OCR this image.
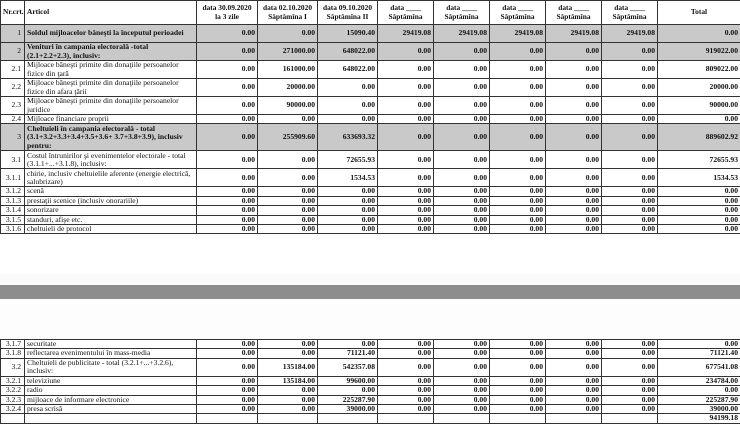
Nr.crt.	Articol	data 30.09.2020 la 3 zile	data 02.10.2020 Săptămîna I	data 09.10.2020 Săptămîna II	data ____ Săptămîna	data ____ Săptămîna	data ____ Săptămîna	data ____ Săptămîna	data ____ Săptămîna	Total
1	Soldul mijloacelor băneşti la începutul perioadei	0.00	0.00	15090.40	29419.08	29419.08	29419.08	29419.08	29419.08	0.00
2	Venituri în campania electorală -total (2.1+2.2+2.3), inclusiv:	0.00	271000.00	648022.00	0.00	0.00	0.00	0.00	0.00	919022.00
2.1	Mijloace băneşti primite din donaţiile persoanelor fizice din ţară	0.00	161000.00	648022.00	0.00	0.00	0.00	0.00	0.00	809022.00
2.2	Mijloace băneşti primite din donaţiile persoanelor fizice din afara ţării	0.00	20000.00	0.00	0.00	0.00	0.00	0.00	0.00	20000.00
2.3	Mijloace băneşti primite din donaţiile persoanelor juridice	0.00	90000.00	0.00	0.00	0.00	0.00	0.00	0.00	90000.00
2.4	Mijloace financiare proprii	0.00	0.00	0.00	0.00	0.00	0.00	0.00	0.00	0.00
3	Cheltuieli în campania electorală - total (3.1+3.2+3.3+3.4+3.5+3.6+ 3.7+3.8+3.9), inclusiv pentru:	0.00	255909.60	633693.32	0.00	0.00	0.00	0.00	0.00	889602.92
3.1	Costul întrunirilor şi evenimentelor electorale - total (3.1.1+...+3.1.8), inclusiv:	0.00	0.00	72655.93	0.00	0.00	0.00	0.00	0.00	72655.93
3.1.1	chirie, inclusiv cheltuielile aferente (energie electrică, salubrizare)	0.00	0.00	1534.53	0.00	0.00	0.00	0.00	0.00	1534.53
3.1.2	scenă	0.00	0.00	0.00	0.00	0.00	0.00	0.00	0.00	0.00
3.1.3	prestaţii scenice (inclusiv onorariile)	0.00	0.00	0.00	0.00	0.00	0.00	0.00	0.00	0.00
3.1.4	sonorizare	0.00	0.00	0.00	0.00	0.00	0.00	0.00	0.00	0.00
3.1.5	standuri, afişe etc.	0.00	0.00	0.00	0.00	0.00	0.00	0.00	0.00	0.00
3.1.6	cheltuieli de protocol	0.00	0.00	0.00	0.00	0.00	0.00	0.00	0.00	0.00
3.1.7	securitate	0.00	0.00	0.00	0.00	0.00	0.00	0.00	0.00	0.00
3.1.8	reflectarea evenimentului în mass-media	0.00	0.00	71121.40	0.00	0.00	0.00	0.00	0.00	71121.40
3.2	Cheltuieli de publicitate - total (3.2.1+...+3.2.6), inclusiv:	0.00	135184.00	542357.08	0.00	0.00	0.00	0.00	0.00	677541.08
3.2.1	televiziune	0.00	135184.00	99600.00	0.00	0.00	0.00	0.00	0.00	234784.00
3.2.2	radio	0.00	0.00	0.00	0.00	0.00	0.00	0.00	0.00	0.00
3.2.3	mijloace de informare electronice	0.00	0.00	225287.90	0.00	0.00	0.00	0.00	0.00	225287.90
3.2.4	presa scrisă	0.00	0.00	39000.00	0.00	0.00	0.00	0.00	0.00	39000.00
										94199.18
